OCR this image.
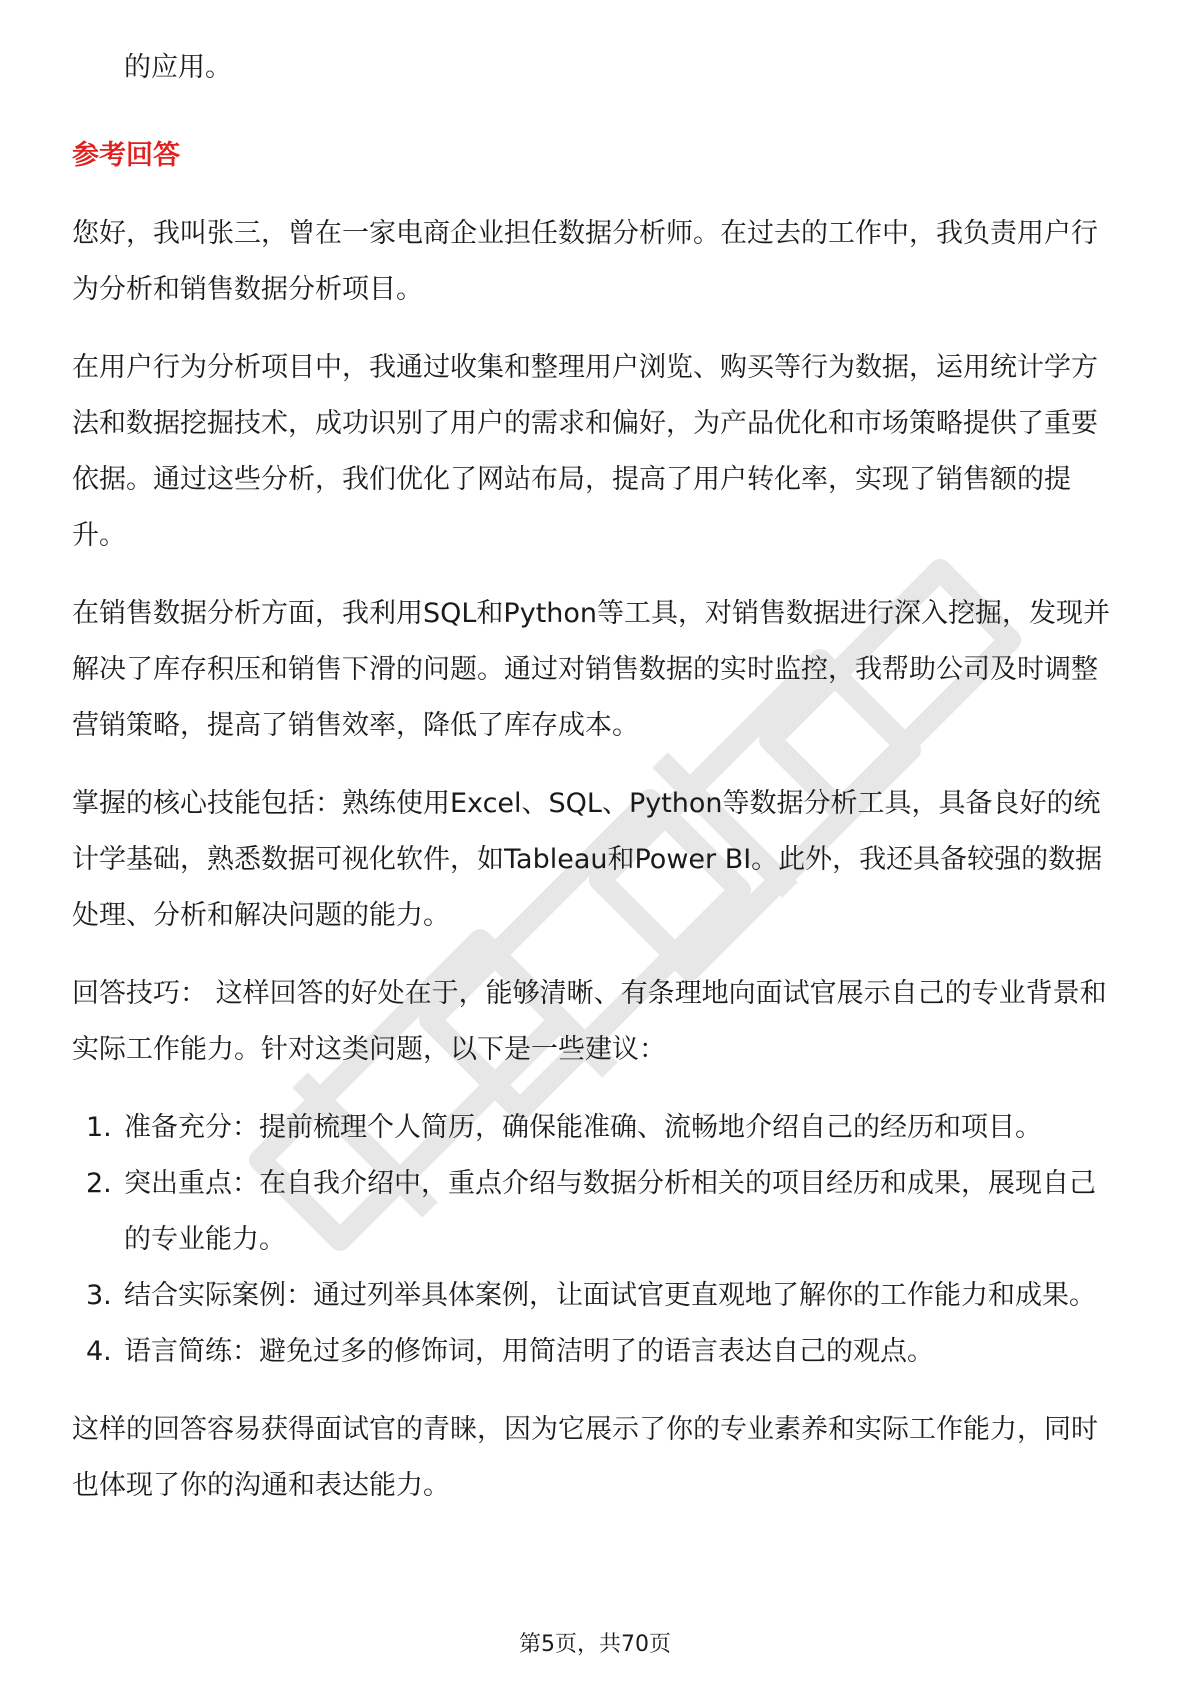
的应用。

参考回答

您好，我叫张三，曾在一家电商企业担任数据分析师。在过去的工作中，我负责用户行为分析和销售数据分析项目。

在用户行为分析项目中，我通过收集和整理用户浏览、购买等行为数据，运用统计学方法和数据挖掘技术，成功识别了用户的需求和偏好，为产品优化和市场策略提供了重要依据。通过这些分析，我们优化了网站布局，提高了用户转化率，实现了销售额的提升。

在销售数据分析方面，我利用SQL和Python等工具，对销售数据进行深入挖掘，发现并解决了库存积压和销售下滑的问题。通过对销售数据的实时监控，我帮助公司及时调整营销策略，提高了销售效率，降低了库存成本。

掌握的核心技能包括：熟练使用Excel、SQL、Python等数据分析工具，具备良好的统计学基础，熟悉数据可视化软件，如Tableau和Power BI。此外，我还具备较强的数据处理、分析和解决问题的能力。

回答技巧： 这样回答的好处在于，能够清晰、有条理地向面试官展示自己的专业背景和实际工作能力。针对这类问题，以下是一些建议：

1. 准备充分：提前梳理个人简历，确保能准确、流畅地介绍自己的经历和项目。
2. 突出重点：在自我介绍中，重点介绍与数据分析相关的项目经历和成果，展现自己的专业能力。
3. 结合实际案例：通过列举具体案例，让面试官更直观地了解你的工作能力和成果。
4. 语言简练：避免过多的修饰词，用简洁明了的语言表达自己的观点。

这样的回答容易获得面试官的青睐，因为它展示了你的专业素养和实际工作能力，同时也体现了你的沟通和表达能力。

第5页，共70页
